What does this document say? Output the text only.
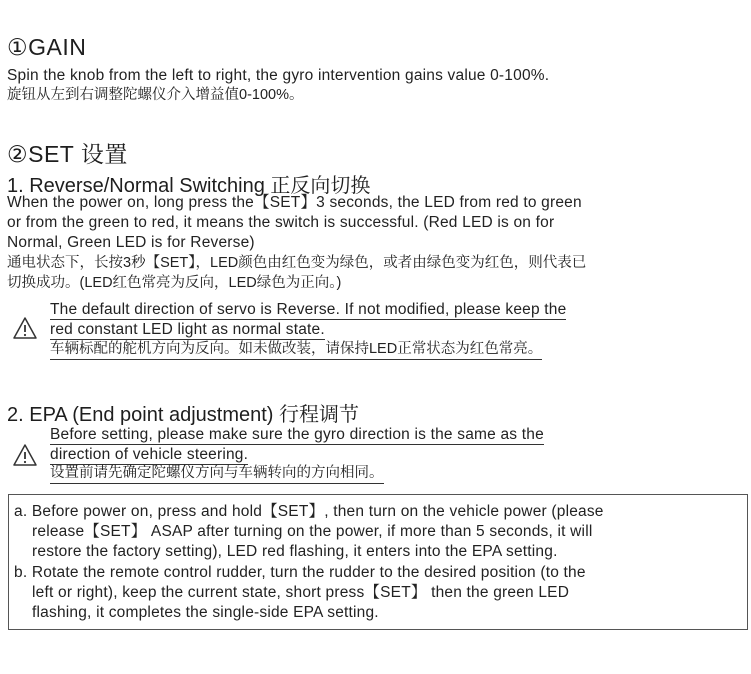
①GAIN
Spin the knob from the left to right, the gyro intervention gains value 0-100%.
旋钮从左到右调整陀螺仪介入增益值0-100%。
②SET 设置
1. Reverse/Normal Switching 正反向切换
When the power on, long press the【SET】3 seconds, the LED from red to green
or from the green to red, it means the switch is successful. (Red LED is on for
Normal, Green LED is for Reverse)
通电状态下，长按3秒【SET】，LED颜色由红色变为绿色，或者由绿色变为红色，则代表已
切换成功。(LED红色常亮为反向，LED绿色为正向。)
The default direction of servo is Reverse. If not modified, please keep the
red constant LED light as normal state.
车辆标配的舵机方向为反向。如未做改装，请保持LED正常状态为红色常亮。
2. EPA (End point adjustment) 行程调节
Before setting, please make sure the gyro direction is the same as the
direction of vehicle steering.
设置前请先确定陀螺仪方向与车辆转向的方向相同。
a. Before power on, press and hold【SET】, then turn on the vehicle power (please
release【SET】 ASAP after turning on the power, if more than 5 seconds, it will
restore the factory setting), LED red flashing, it enters into the EPA setting.
b. Rotate the remote control rudder, turn the rudder to the desired position (to the
left or right), keep the current state, short press【SET】 then the green LED
flashing, it completes the single-side EPA setting.
